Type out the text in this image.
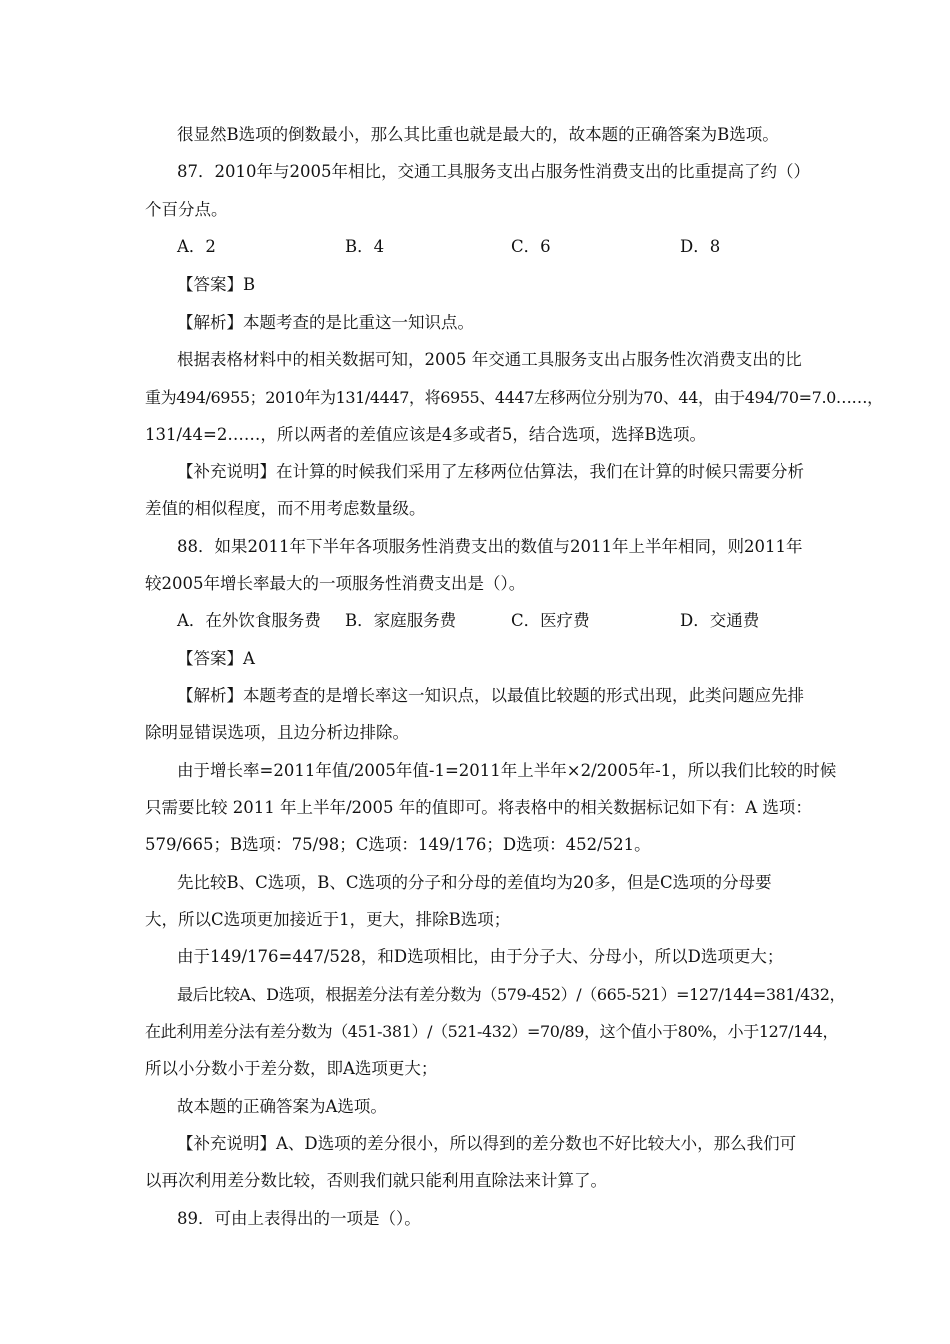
很显然B选项的倒数最小，那么其比重也就是最大的，故本题的正确答案为B选项。
87．2010年与2005年相比，交通工具服务支出占服务性消费支出的比重提高了约（）
个百分点。
A．2	B．4	C．6	D．8
【答案】B
【解析】本题考查的是比重这一知识点。
根据表格材料中的相关数据可知，2005 年交通工具服务支出占服务性次消费支出的比
重为494/6955；2010年为131/4447，将6955、4447左移两位分别为70、44，由于494/70=7.0……，
131/44=2……，所以两者的差值应该是4多或者5，结合选项，选择B选项。
【补充说明】在计算的时候我们采用了左移两位估算法，我们在计算的时候只需要分析
差值的相似程度，而不用考虑数量级。
88．如果2011年下半年各项服务性消费支出的数值与2011年上半年相同，则2011年
较2005年增长率最大的一项服务性消费支出是（）。
A．在外饮食服务费 B．家庭服务费	C．医疗费	D．交通费
【答案】A
【解析】本题考查的是增长率这一知识点，以最值比较题的形式出现，此类问题应先排
除明显错误选项，且边分析边排除。
由于增长率=2011年值/2005年值-1=2011年上半年×2/2005年-1，所以我们比较的时候
只需要比较 2011 年上半年/2005 年的值即可。将表格中的相关数据标记如下有：A 选项：
579/665；B选项：75/98；C选项：149/176；D选项：452/521。
先比较B、C选项，B、C选项的分子和分母的差值均为20多，但是C选项的分母要
大，所以C选项更加接近于1，更大，排除B选项；
由于149/176=447/528，和D选项相比，由于分子大、分母小，所以D选项更大；
最后比较A、D选项，根据差分法有差分数为（579-452）/（665-521）=127/144=381/432，
在此利用差分法有差分数为（451-381）/（521-432）=70/89，这个值小于80%，小于127/144，
所以小分数小于差分数，即A选项更大；
故本题的正确答案为A选项。
【补充说明】A、D选项的差分很小，所以得到的差分数也不好比较大小，那么我们可
以再次利用差分数比较，否则我们就只能利用直除法来计算了。
89．可由上表得出的一项是（）。
